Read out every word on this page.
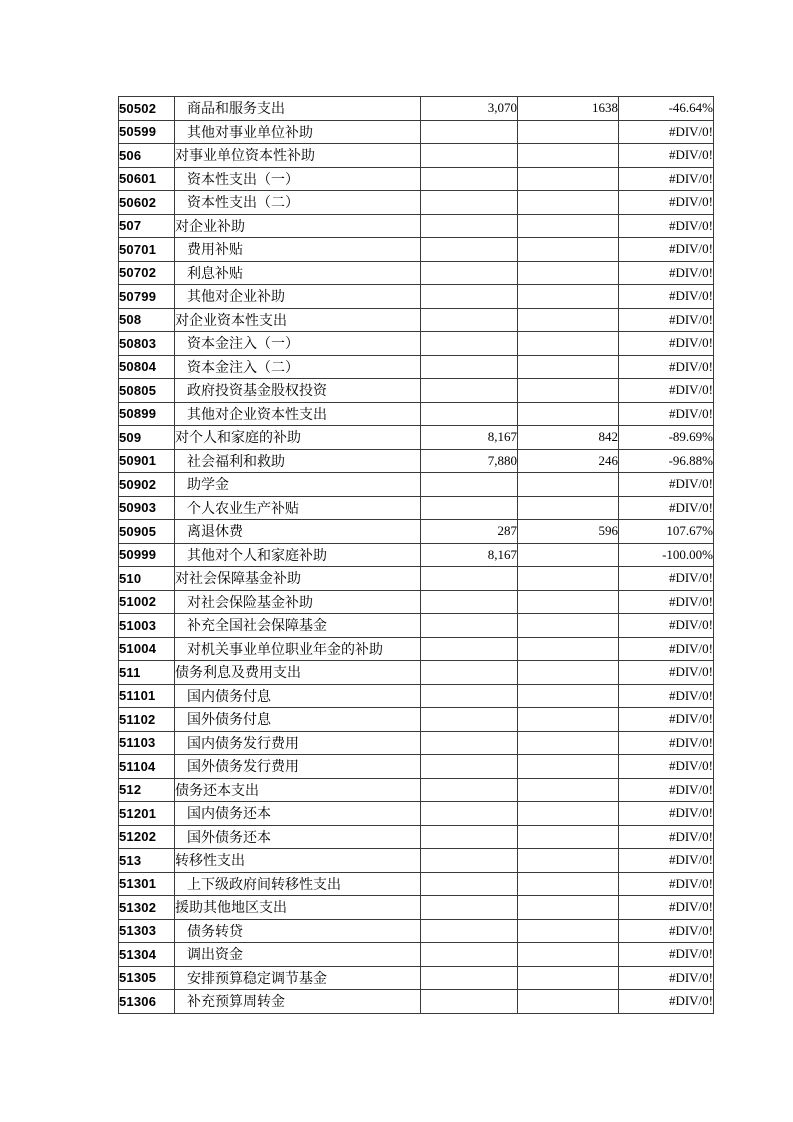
50502	商品和服务支出	3,070	1638	-46.64%
50599	其他对事业单位补助			#DIV/0!
506	对事业单位资本性补助			#DIV/0!
50601	资本性支出（一）			#DIV/0!
50602	资本性支出（二）			#DIV/0!
507	对企业补助			#DIV/0!
50701	费用补贴			#DIV/0!
50702	利息补贴			#DIV/0!
50799	其他对企业补助			#DIV/0!
508	对企业资本性支出			#DIV/0!
50803	资本金注入（一）			#DIV/0!
50804	资本金注入（二）			#DIV/0!
50805	政府投资基金股权投资			#DIV/0!
50899	其他对企业资本性支出			#DIV/0!
509	对个人和家庭的补助	8,167	842	-89.69%
50901	社会福利和救助	7,880	246	-96.88%
50902	助学金			#DIV/0!
50903	个人农业生产补贴			#DIV/0!
50905	离退休费	287	596	107.67%
50999	其他对个人和家庭补助	8,167		-100.00%
510	对社会保障基金补助			#DIV/0!
51002	对社会保险基金补助			#DIV/0!
51003	补充全国社会保障基金			#DIV/0!
51004	对机关事业单位职业年金的补助			#DIV/0!
511	债务利息及费用支出			#DIV/0!
51101	国内债务付息			#DIV/0!
51102	国外债务付息			#DIV/0!
51103	国内债务发行费用			#DIV/0!
51104	国外债务发行费用			#DIV/0!
512	债务还本支出			#DIV/0!
51201	国内债务还本			#DIV/0!
51202	国外债务还本			#DIV/0!
513	转移性支出			#DIV/0!
51301	上下级政府间转移性支出			#DIV/0!
51302	援助其他地区支出			#DIV/0!
51303	债务转贷			#DIV/0!
51304	调出资金			#DIV/0!
51305	安排预算稳定调节基金			#DIV/0!
51306	补充预算周转金			#DIV/0!
